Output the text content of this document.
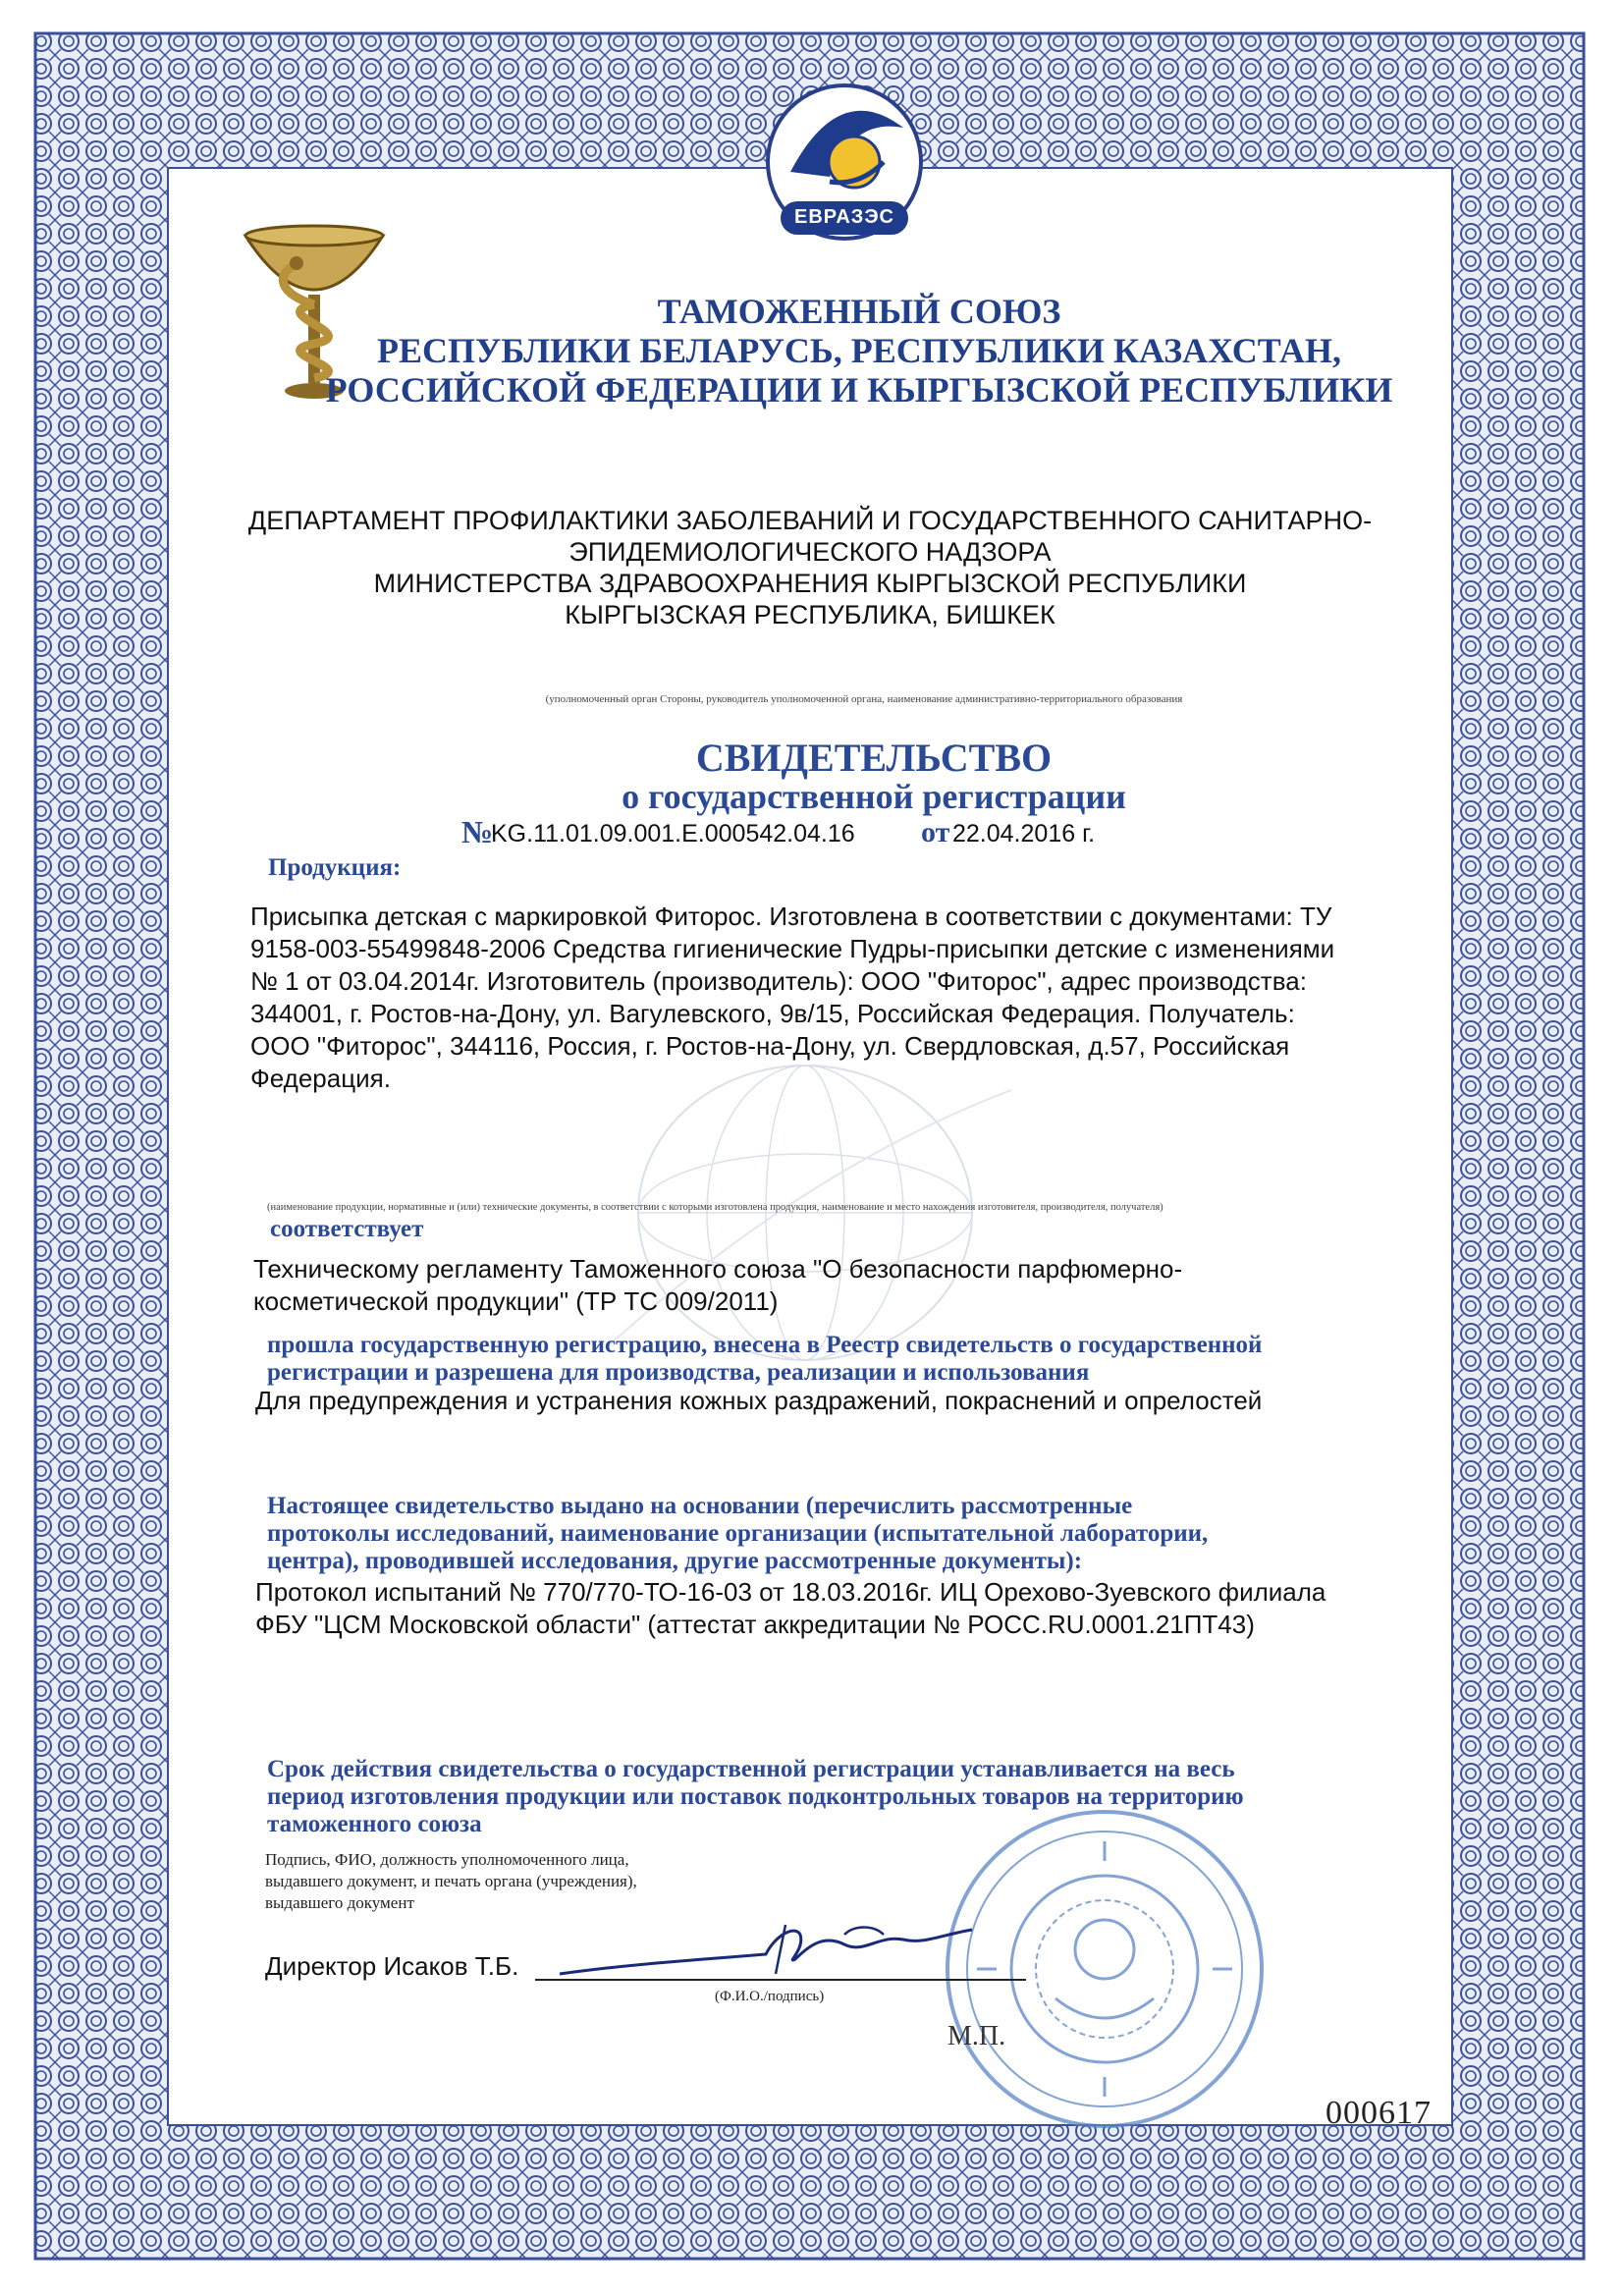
ЕВРАЗЭС
ТАМОЖЕННЫЙ СОЮЗ
РЕСПУБЛИКИ БЕЛАРУСЬ, РЕСПУБЛИКИ КАЗАХСТАН,
РОССИЙСКОЙ ФЕДЕРАЦИИ И КЫРГЫЗСКОЙ РЕСПУБЛИКИ
ДЕПАРТАМЕНТ ПРОФИЛАКТИКИ ЗАБОЛЕВАНИЙ И ГОСУДАРСТВЕННОГО САНИТАРНО-
ЭПИДЕМИОЛОГИЧЕСКОГО НАДЗОРА
МИНИСТЕРСТВА ЗДРАВООХРАНЕНИЯ КЫРГЫЗСКОЙ РЕСПУБЛИКИ
КЫРГЫЗСКАЯ РЕСПУБЛИКА, БИШКЕК
(уполномоченный орган Стороны, руководитель уполномоченной органа, наименование административно-территориального образования
СВИДЕТЕЛЬСТВО
о государственной регистрации
№
KG.11.01.09.001.E.000542.04.16 от 22.04.2016 г.
Продукция:
Присыпка детская с маркировкой Фиторос. Изготовлена в соответствии с документами: ТУ
9158-003-55499848-2006 Средства гигиенические Пудры-присыпки детские с изменениями
№ 1 от 03.04.2014г. Изготовитель (производитель): ООО "Фиторос", адрес производства:
344001, г. Ростов-на-Дону, ул. Вагулевского, 9в/15, Российская Федерация. Получатель:
ООО "Фиторос", 344116, Россия, г. Ростов-на-Дону, ул. Свердловская, д.57, Российская
Федерация.
(наименование продукции, нормативные и (или) технические документы, в соответствии с которыми изготовлена продукция, наименование и место нахождения изготовителя, производителя, получателя)
соответствует
Техническому регламенту Таможенного союза "О безопасности парфюмерно-
косметической продукции" (ТР ТС 009/2011)
прошла государственную регистрацию, внесена в Реестр свидетельств о государственной
регистрации и разрешена для производства, реализации и использования
Для предупреждения и устранения кожных раздражений, покраснений и опрелостей
Настоящее свидетельство выдано на основании (перечислить рассмотренные
протоколы исследований, наименование организации (испытательной лаборатории,
центра), проводившей исследования, другие рассмотренные документы):
Протокол испытаний № 770/770-ТО-16-03 от 18.03.2016г. ИЦ Орехово-Зуевского филиала
ФБУ "ЦСМ Московской области" (аттестат аккредитации № РОСС.RU.0001.21ПТ43)
Срок действия свидетельства о государственной регистрации устанавливается на весь
период изготовления продукции или поставок подконтрольных товаров на территорию
таможенного союза
Подпись, ФИО, должность уполномоченного лица,
выдавшего документ, и печать органа (учреждения),
выдавшего документ
Директор Исаков Т.Б.
(Ф.И.О./подпись)
М.П.
000617
